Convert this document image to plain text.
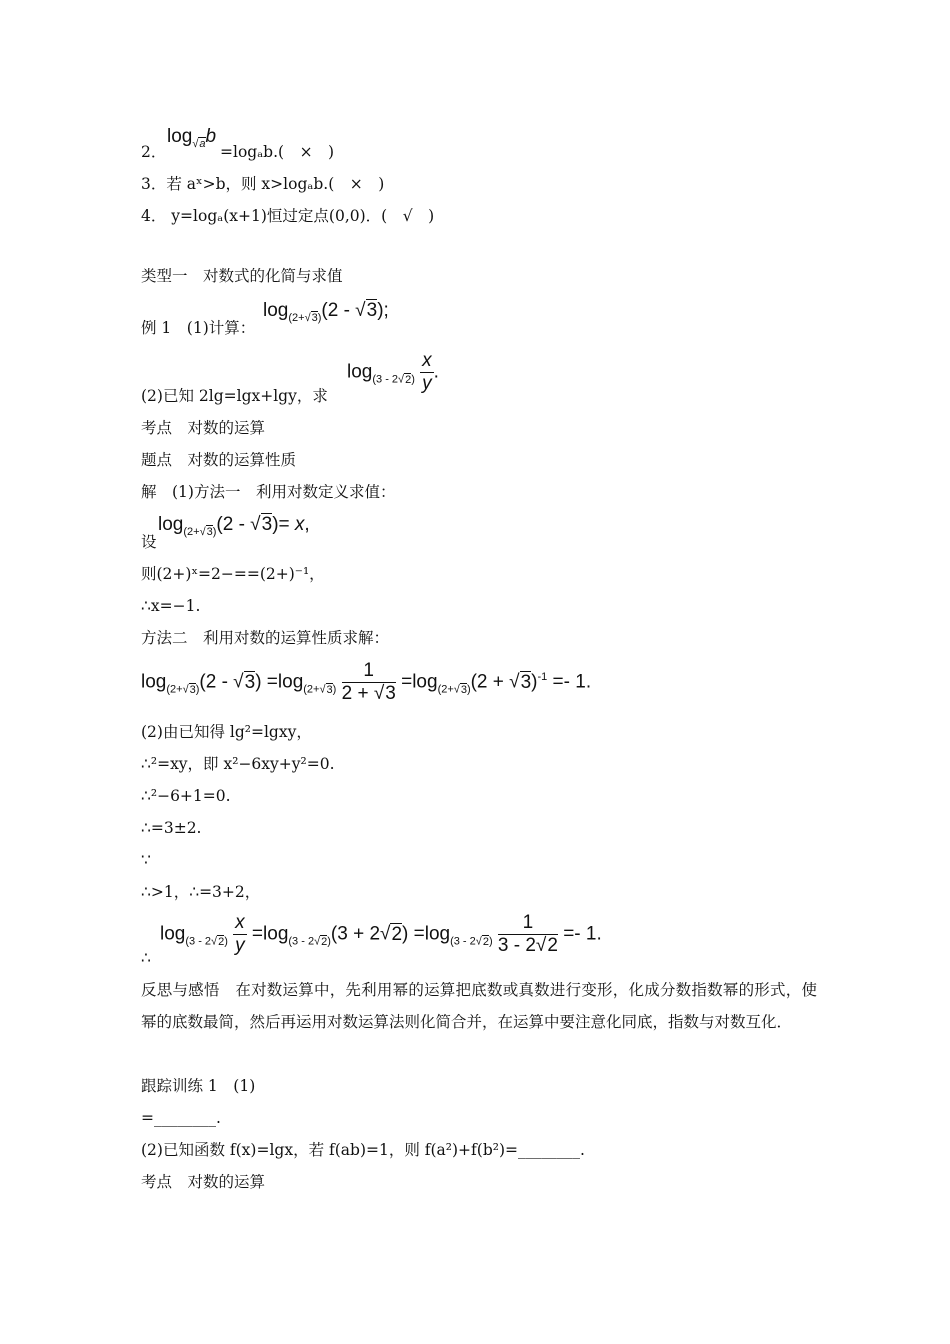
$\log_{√a}b$
2．	=logₐb.(　×　)
3．若 aˣ>b，则 x>logₐb.(　×　)
4． y=logₐ(x+1)恒过定点(0,0)．(　√　)
类型一　对数式的化简与求值
$\log_{(2+√3)}(2 - √3)$;
例 1　(1)计算：
$\log_{(3 - 2√2)} \frac{x}{y}$ .
(2)已知 2lg=lgx+lgy，求
考点　对数的运算
题点　对数的运算性质
解　(1)方法一　利用对数定义求值：
$\log_{(2+√3)}(2 - √3)= x$,
设
则(2+)ˣ=2−==(2+)⁻¹，
∴x=−1.
方法二　利用对数的运算性质求解：
$\log_{(2+√3)}(2 - √3) =\log_{(2+√3)} \frac{1}{2 + √3} =\log_{(2+√3)}(2 + √3)^{-1} =- 1$.
(2)由已知得 lg²=lgxy，
∴²=xy，即 x²−6xy+y²=0.
∴²−6+1=0.
∴=3±2.
∵
∴>1，∴=3+2，
$\log_{(3 - 2√2)} \frac{x}{y} =\log_{(3 - 2√2)}(3 + 2√2) =\log_{(3 - 2√2)} \frac{1}{3 - 2√2} =- 1$.
∴
反思与感悟　在对数运算中，先利用幂的运算把底数或真数进行变形，化成分数指数幂的形式，使幂的底数最简，然后再运用对数运算法则化简合并，在运算中要注意化同底，指数与对数互化．
跟踪训练 1　(1)
=________.
(2)已知函数 f(x)=lgx，若 f(ab)=1，则 f(a²)+f(b²)=________.
考点　对数的运算
